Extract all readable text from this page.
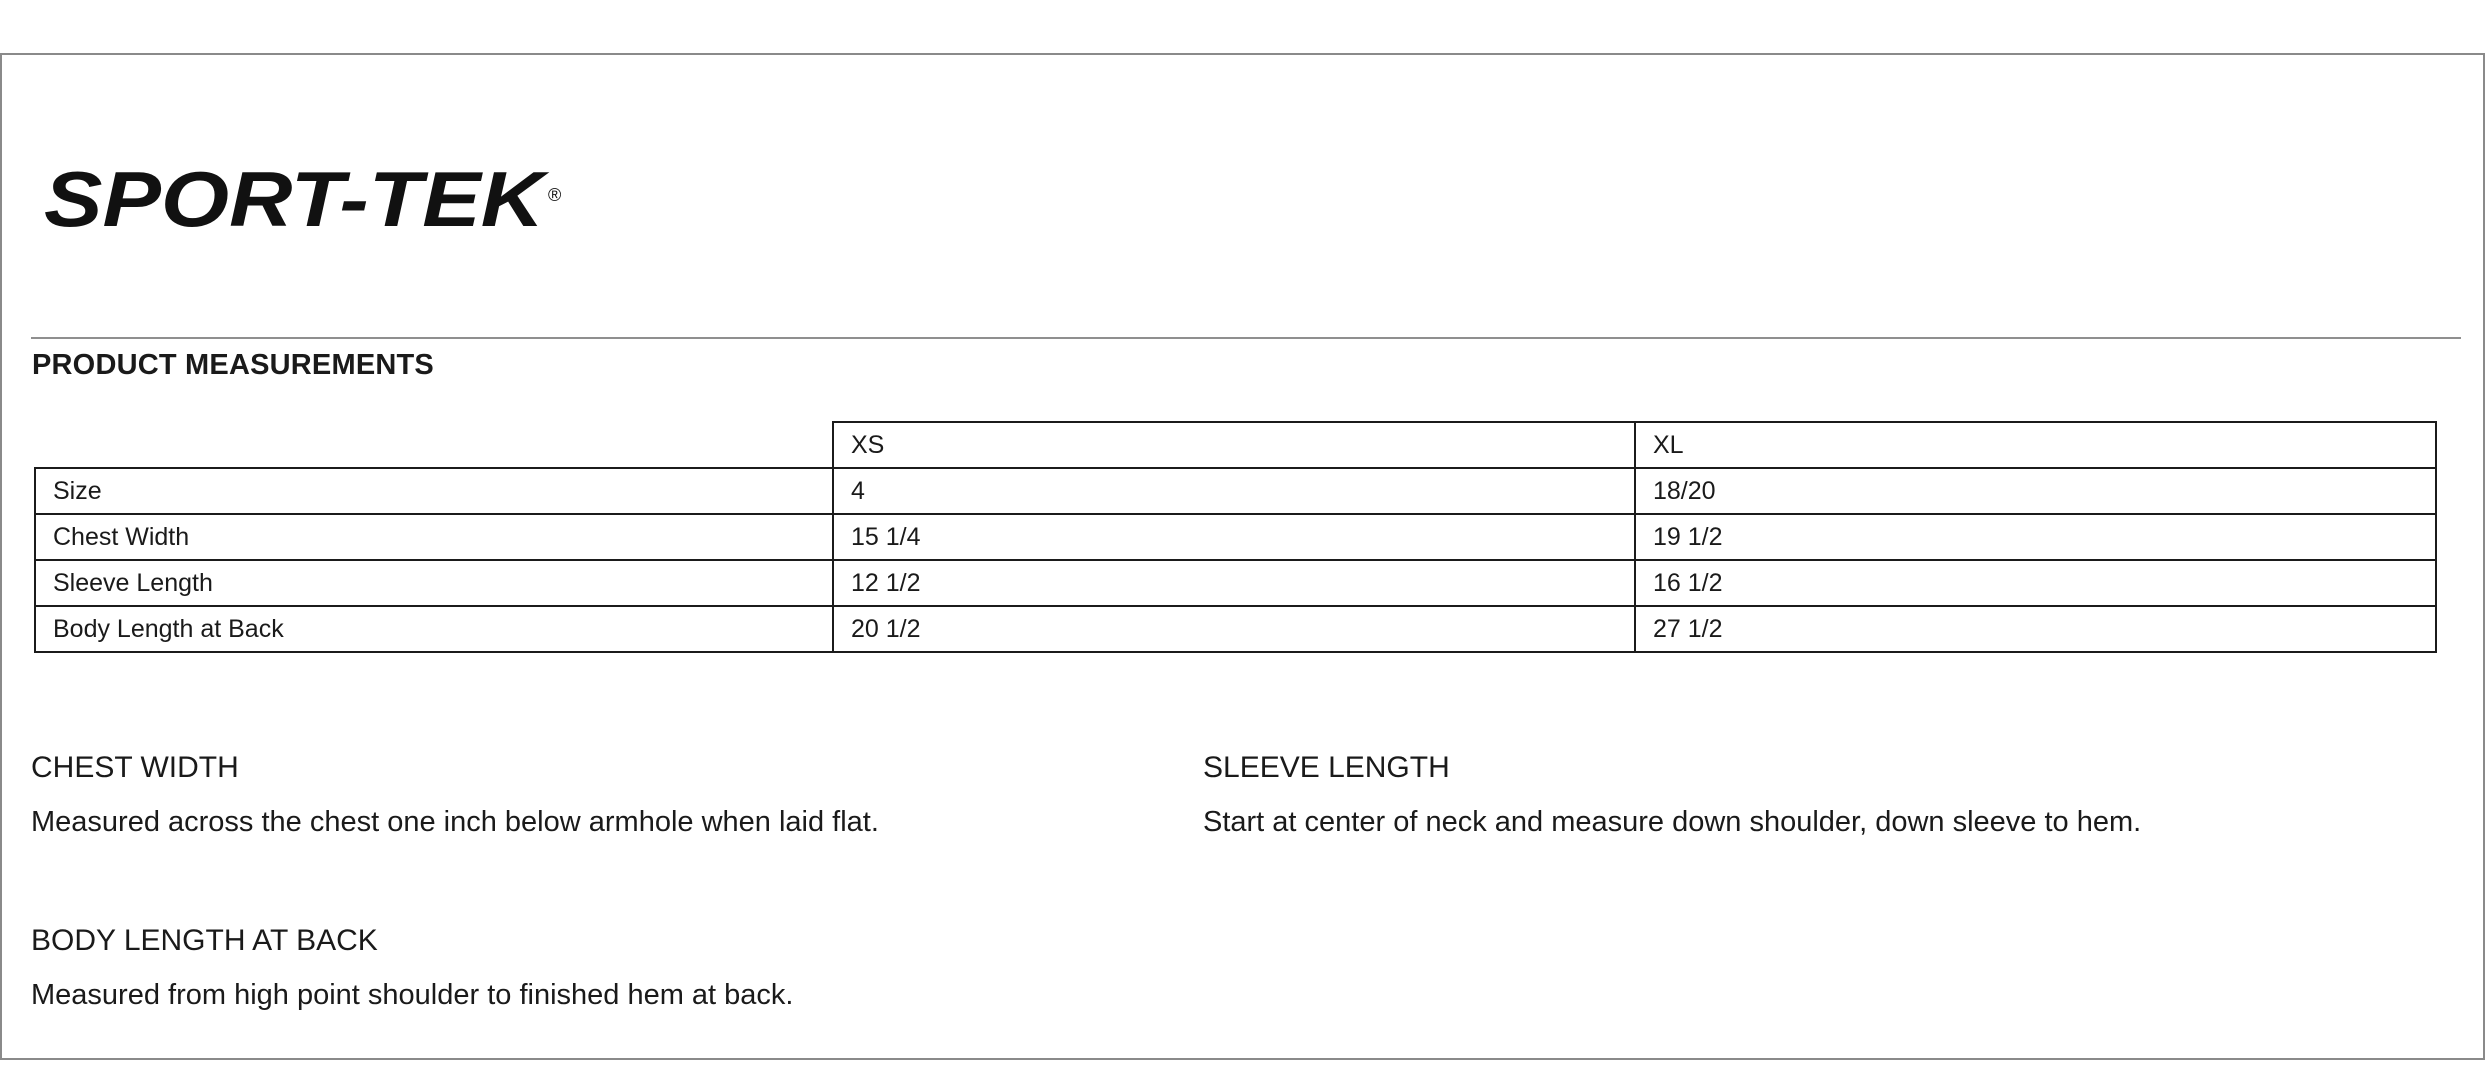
SPORT-TEK
®
PRODUCT MEASUREMENTS
	XS	XL
Size	4	18/20
Chest Width	15 1/4	19 1/2
Sleeve Length	12 1/2	16 1/2
Body Length at Back	20 1/2	27 1/2
CHEST WIDTH

Measured across the chest one inch below armhole when laid flat.

SLEEVE LENGTH

Start at center of neck and measure down shoulder, down sleeve to hem.

BODY LENGTH AT BACK

Measured from high point shoulder to finished hem at back.
